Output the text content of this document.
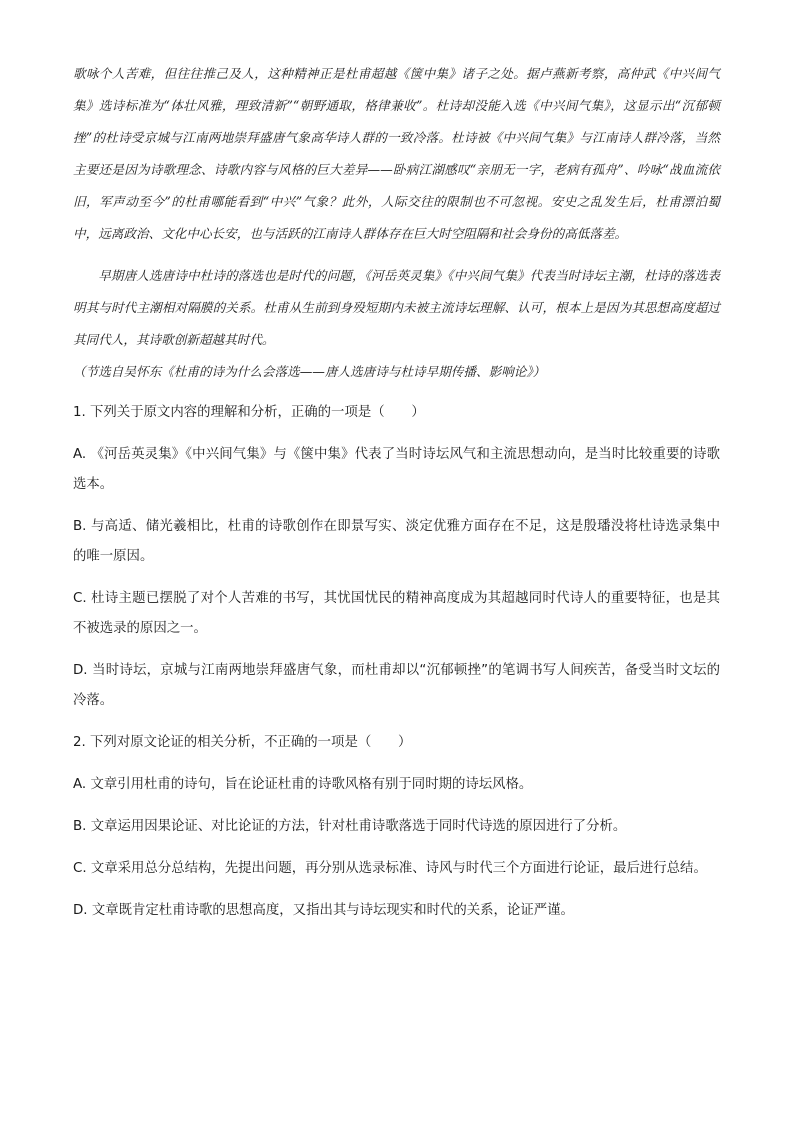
歌咏个人苦难，但往往推己及人，这种精神正是杜甫超越《箧中集》诸子之处。据卢燕新考察，高仲武《中兴间气集》选诗标准为“体壮风雅，理致清新”“朝野通取，格律兼收”。杜诗却没能入选《中兴间气集》，这显示出“沉郁顿挫”的杜诗受京城与江南两地崇拜盛唐气象高华诗人群的一致冷落。杜诗被《中兴间气集》与江南诗人群冷落，当然主要还是因为诗歌理念、诗歌内容与风格的巨大差异——卧病江湖感叹“亲朋无一字，老病有孤舟”、吟咏“战血流依旧，军声动至今”的杜甫哪能看到“中兴”气象？此外，人际交往的限制也不可忽视。安史之乱发生后，杜甫漂泊蜀中，远离政治、文化中心长安，也与活跃的江南诗人群体存在巨大时空阻隔和社会身份的高低落差。

早期唐人选唐诗中杜诗的落选也是时代的问题，《河岳英灵集》《中兴间气集》代表当时诗坛主潮，杜诗的落选表明其与时代主潮相对隔膜的关系。杜甫从生前到身殁短期内未被主流诗坛理解、认可，根本上是因为其思想高度超过其同代人，其诗歌创新超越其时代。

（节选自吴怀东《杜甫的诗为什么会落选——唐人选唐诗与杜诗早期传播、影响论》）

1. 下列关于原文内容的理解和分析，正确的一项是（　　）

A. 《河岳英灵集》《中兴间气集》与《箧中集》代表了当时诗坛风气和主流思想动向，是当时比较重要的诗歌选本。

B. 与高适、储光羲相比，杜甫的诗歌创作在即景写实、淡定优雅方面存在不足，这是殷璠没将杜诗选录集中的唯一原因。

C. 杜诗主题已摆脱了对个人苦难的书写，其忧国忧民的精神高度成为其超越同时代诗人的重要特征，也是其不被选录的原因之一。

D. 当时诗坛，京城与江南两地崇拜盛唐气象，而杜甫却以“沉郁顿挫”的笔调书写人间疾苦，备受当时文坛的冷落。

2. 下列对原文论证的相关分析，不正确的一项是（　　）

A. 文章引用杜甫的诗句，旨在论证杜甫的诗歌风格有别于同时期的诗坛风格。

B. 文章运用因果论证、对比论证的方法，针对杜甫诗歌落选于同时代诗选的原因进行了分析。

C. 文章采用总分总结构，先提出问题，再分别从选录标准、诗风与时代三个方面进行论证，最后进行总结。

D. 文章既肯定杜甫诗歌的思想高度，又指出其与诗坛现实和时代的关系，论证严谨。
